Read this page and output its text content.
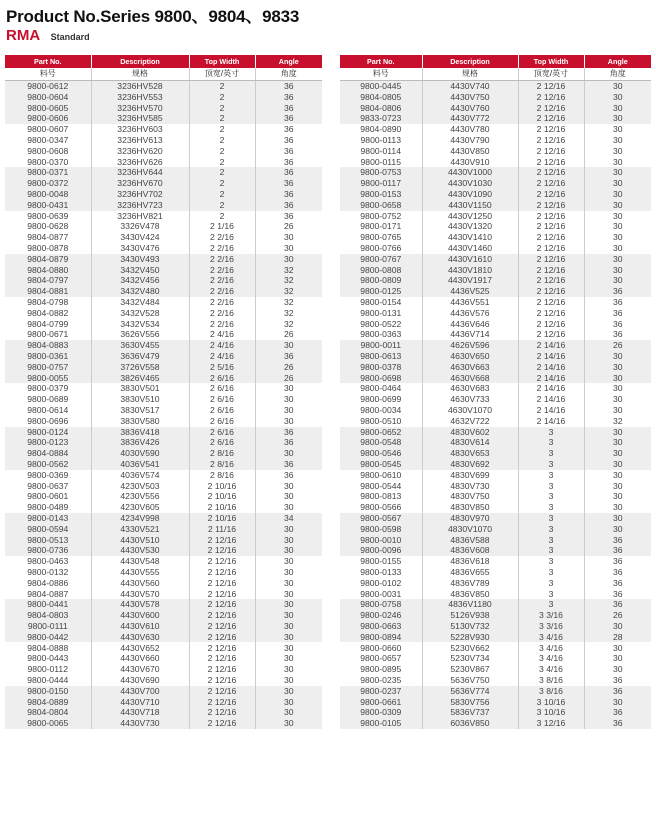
Product No.Series 9800、9804、9833
RMA Standard
Part No.	Description	Top Width	Angle
料号	规格	顶宽/英寸	角度
9800-0612	3236HV528	2	36
9800-0604	3236HV553	2	36
9800-0605	3236HV570	2	36
9800-0606	3236HV585	2	36
9800-0607	3236HV603	2	36
9800-0347	3236HV613	2	36
9800-0608	3236HV620	2	36
9800-0370	3236HV626	2	36
9800-0371	3236HV644	2	36
9800-0372	3236HV670	2	36
9800-0048	3236HV702	2	36
9800-0431	3236HV723	2	36
9800-0639	3236HV821	2	36
9800-0628	3326V478	2 1/16	26
9804-0877	3430V424	2 2/16	30
9800-0878	3430V476	2 2/16	30
9804-0879	3430V493	2 2/16	30
9804-0880	3432V450	2 2/16	32
9804-0797	3432V456	2 2/16	32
9804-0881	3432V480	2 2/16	32
9804-0798	3432V484	2 2/16	32
9804-0882	3432V528	2 2/16	32
9804-0799	3432V534	2 2/16	32
9800-0671	3626V556	2 4/16	26
9804-0883	3630V455	2 4/16	30
9800-0361	3636V479	2 4/16	36
9800-0757	3726V558	2 5/16	26
9800-0055	3826V465	2 6/16	26
9800-0379	3830V501	2 6/16	30
9800-0689	3830V510	2 6/16	30
9800-0614	3830V517	2 6/16	30
9800-0696	3830V580	2 6/16	30
9800-0124	3836V418	2 6/16	36
9800-0123	3836V426	2 6/16	36
9804-0884	4030V590	2 8/16	30
9800-0562	4036V541	2 8/16	36
9800-0369	4036V574	2 8/16	36
9800-0637	4230V503	2 10/16	30
9800-0601	4230V556	2 10/16	30
9800-0489	4230V605	2 10/16	30
9800-0143	4234V998	2 10/16	34
9800-0594	4330V521	2 11/16	30
9800-0513	4430V510	2 12/16	30
9800-0736	4430V530	2 12/16	30
9800-0463	4430V548	2 12/16	30
9800-0132	4430V555	2 12/16	30
9804-0886	4430V560	2 12/16	30
9804-0887	4430V570	2 12/16	30
9800-0441	4430V578	2 12/16	30
9804-0803	4430V600	2 12/16	30
9800-0111	4430V610	2 12/16	30
9800-0442	4430V630	2 12/16	30
9804-0888	4430V652	2 12/16	30
9800-0443	4430V660	2 12/16	30
9800-0112	4430V670	2 12/16	30
9800-0444	4430V690	2 12/16	30
9800-0150	4430V700	2 12/16	30
9804-0889	4430V710	2 12/16	30
9804-0804	4430V718	2 12/16	30
9800-0065	4430V730	2 12/16	30
Part No.	Description	Top Width	Angle
料号	规格	顶宽/英寸	角度
9800-0445	4430V740	2 12/16	30
9804-0805	4430V750	2 12/16	30
9804-0806	4430V760	2 12/16	30
9833-0723	4430V772	2 12/16	30
9804-0890	4430V780	2 12/16	30
9800-0113	4430V790	2 12/16	30
9800-0114	4430V850	2 12/16	30
9800-0115	4430V910	2 12/16	30
9800-0753	4430V1000	2 12/16	30
9800-0117	4430V1030	2 12/16	30
9800-0153	4430V1090	2 12/16	30
9800-0658	4430V1150	2 12/16	30
9800-0752	4430V1250	2 12/16	30
9800-0171	4430V1320	2 12/16	30
9800-0765	4430V1410	2 12/16	30
9800-0766	4430V1460	2 12/16	30
9800-0767	4430V1610	2 12/16	30
9800-0808	4430V1810	2 12/16	30
9800-0809	4430V1917	2 12/16	30
9800-0125	4436V525	2 12/16	36
9800-0154	4436V551	2 12/16	36
9800-0131	4436V576	2 12/16	36
9800-0522	4436V646	2 12/16	36
9800-0363	4436V714	2 12/16	36
9800-0011	4626V596	2 14/16	26
9800-0613	4630V650	2 14/16	30
9800-0378	4630V663	2 14/16	30
9800-0698	4630V668	2 14/16	30
9800-0464	4630V683	2 14/16	30
9800-0699	4630V733	2 14/16	30
9800-0034	4630V1070	2 14/16	30
9800-0510	4632V722	2 14/16	32
9800-0652	4830V602	3	30
9800-0548	4830V614	3	30
9800-0546	4830V653	3	30
9800-0545	4830V692	3	30
9800-0610	4830V699	3	30
9800-0544	4830V730	3	30
9800-0813	4830V750	3	30
9800-0566	4830V850	3	30
9800-0567	4830V970	3	30
9800-0598	4830V1070	3	30
9800-0010	4836V588	3	36
9800-0096	4836V608	3	36
9800-0155	4836V618	3	36
9800-0133	4836V655	3	36
9800-0102	4836V789	3	36
9800-0031	4836V850	3	36
9800-0758	4836V1180	3	36
9800-0246	5126V938	3 3/16	26
9800-0663	5130V732	3 3/16	30
9800-0894	5228V930	3 4/16	28
9800-0660	5230V662	3 4/16	30
9800-0657	5230V734	3 4/16	30
9800-0895	5230V867	3 4/16	30
9800-0235	5636V750	3 8/16	36
9800-0237	5636V774	3 8/16	36
9800-0661	5830V756	3 10/16	30
9800-0309	5836V737	3 10/16	36
9800-0105	6036V850	3 12/16	36
